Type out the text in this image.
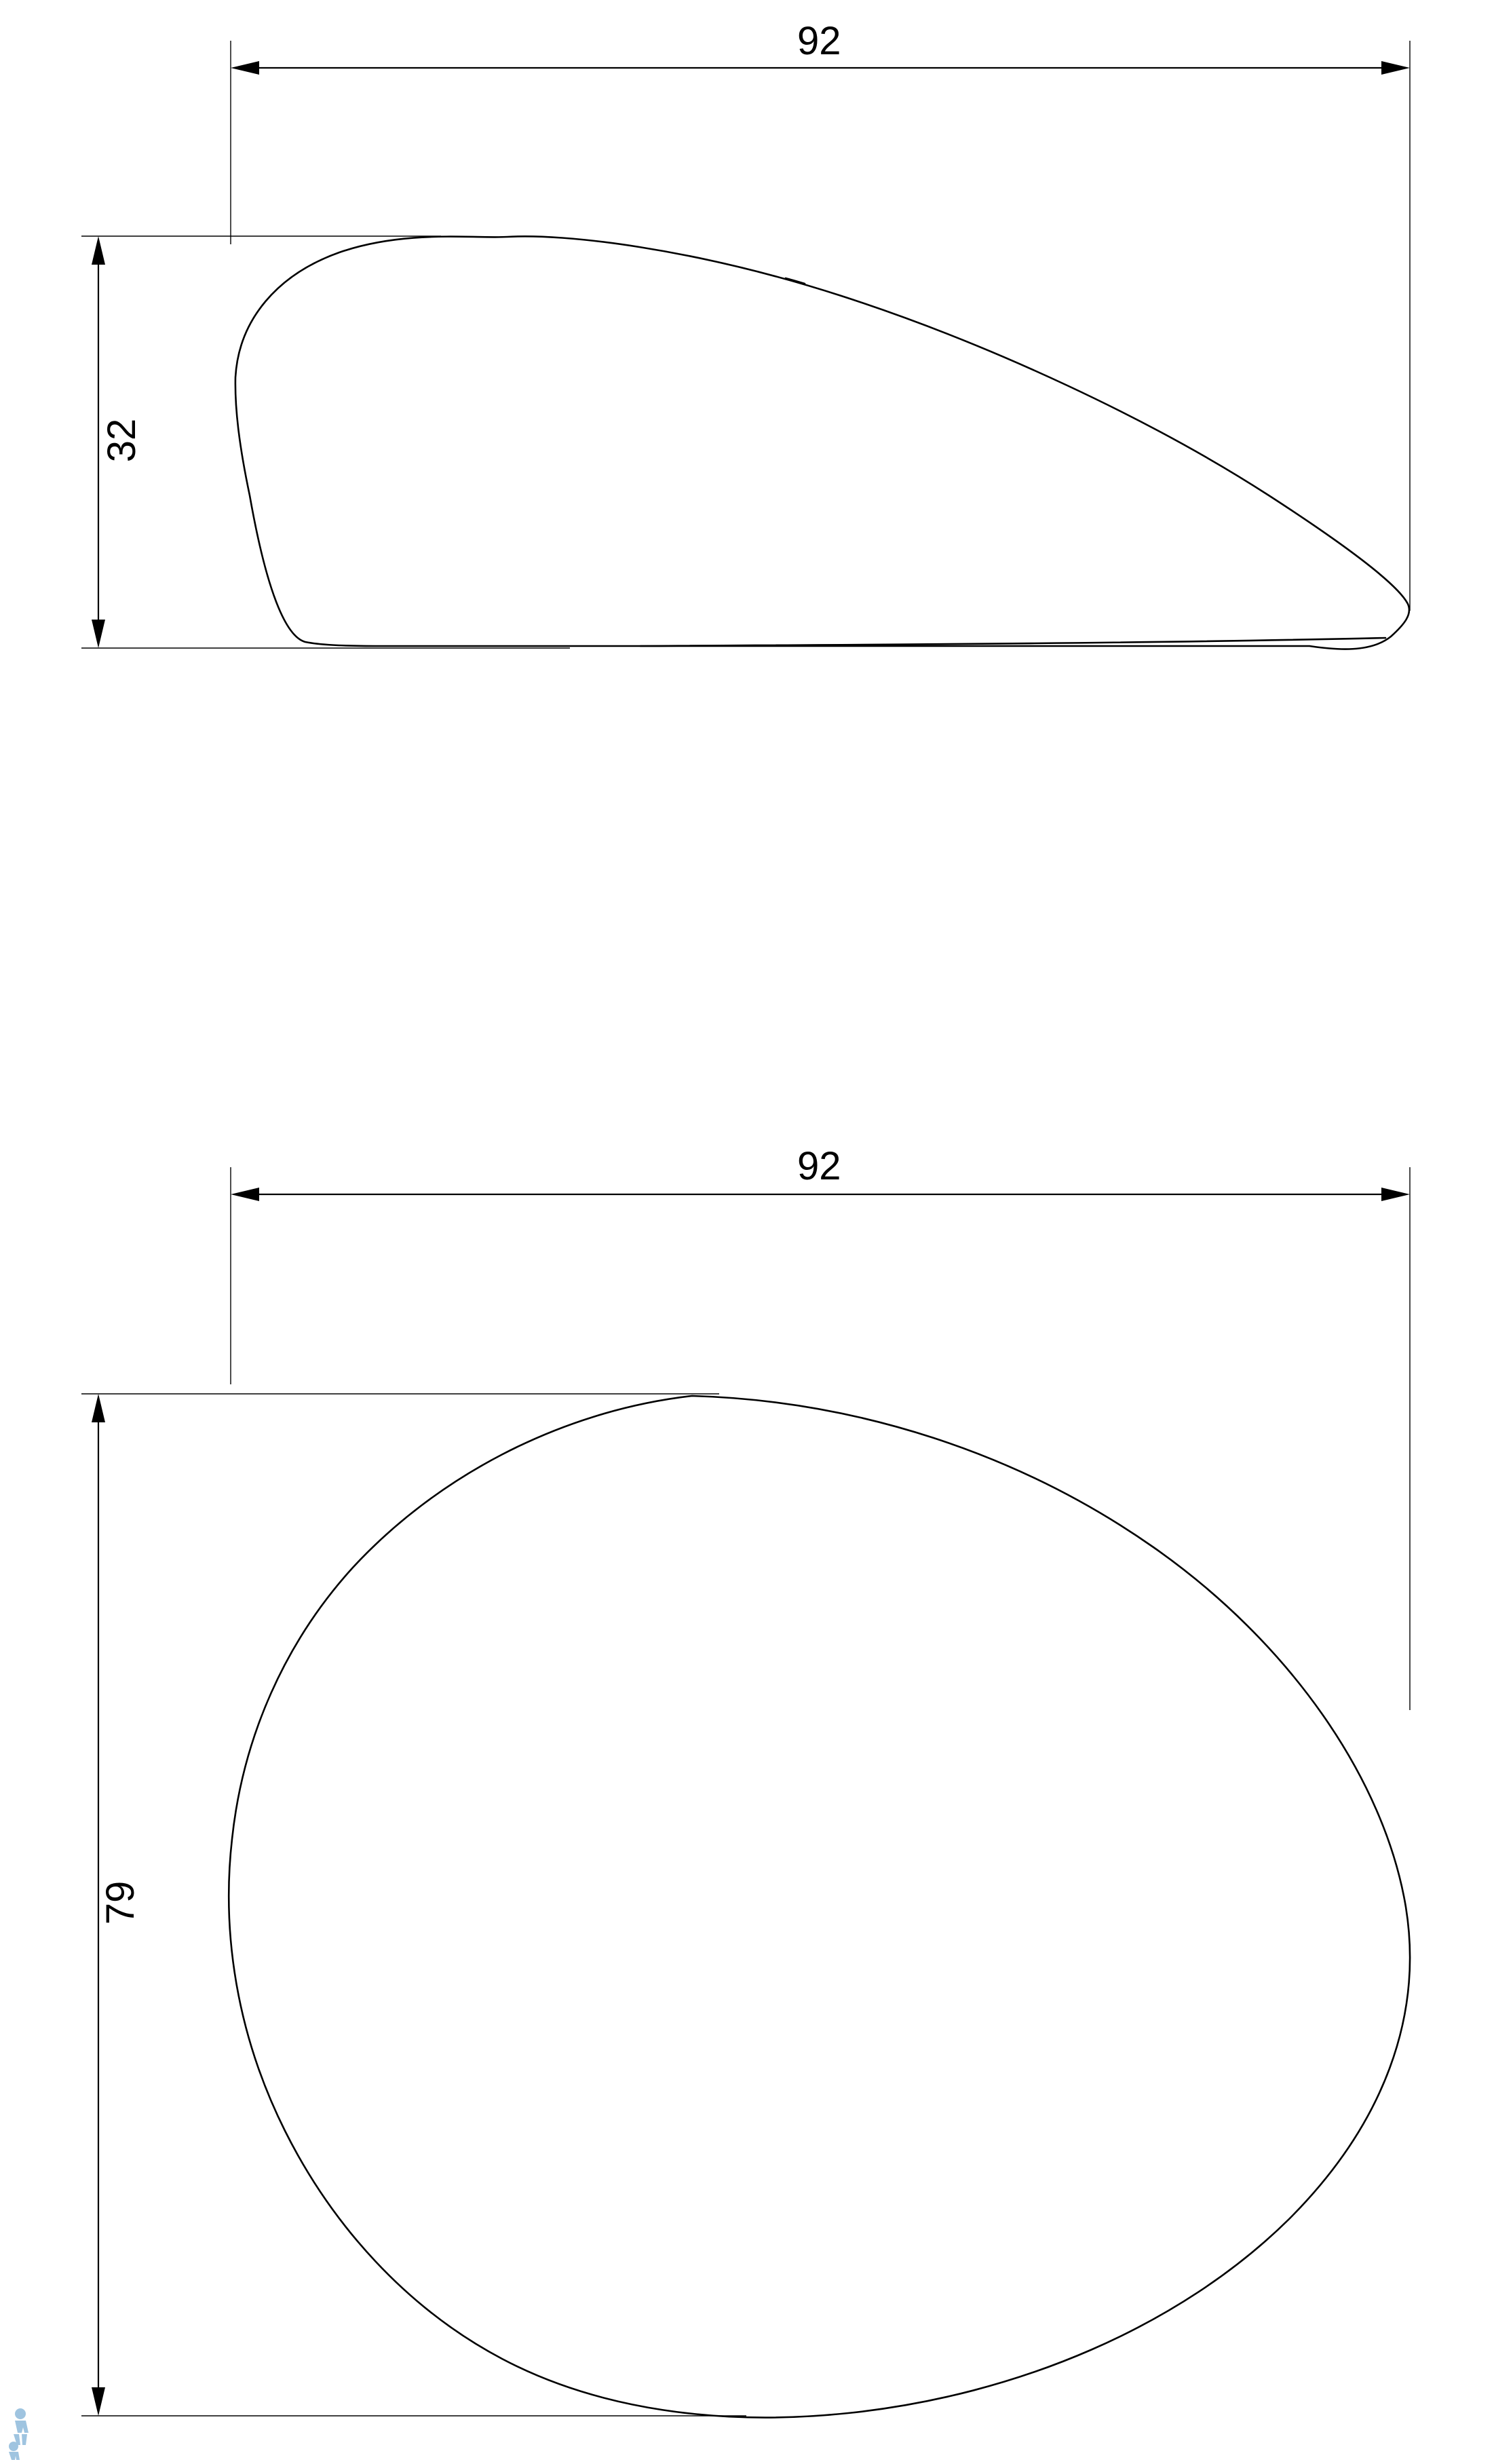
92
32
92
79
